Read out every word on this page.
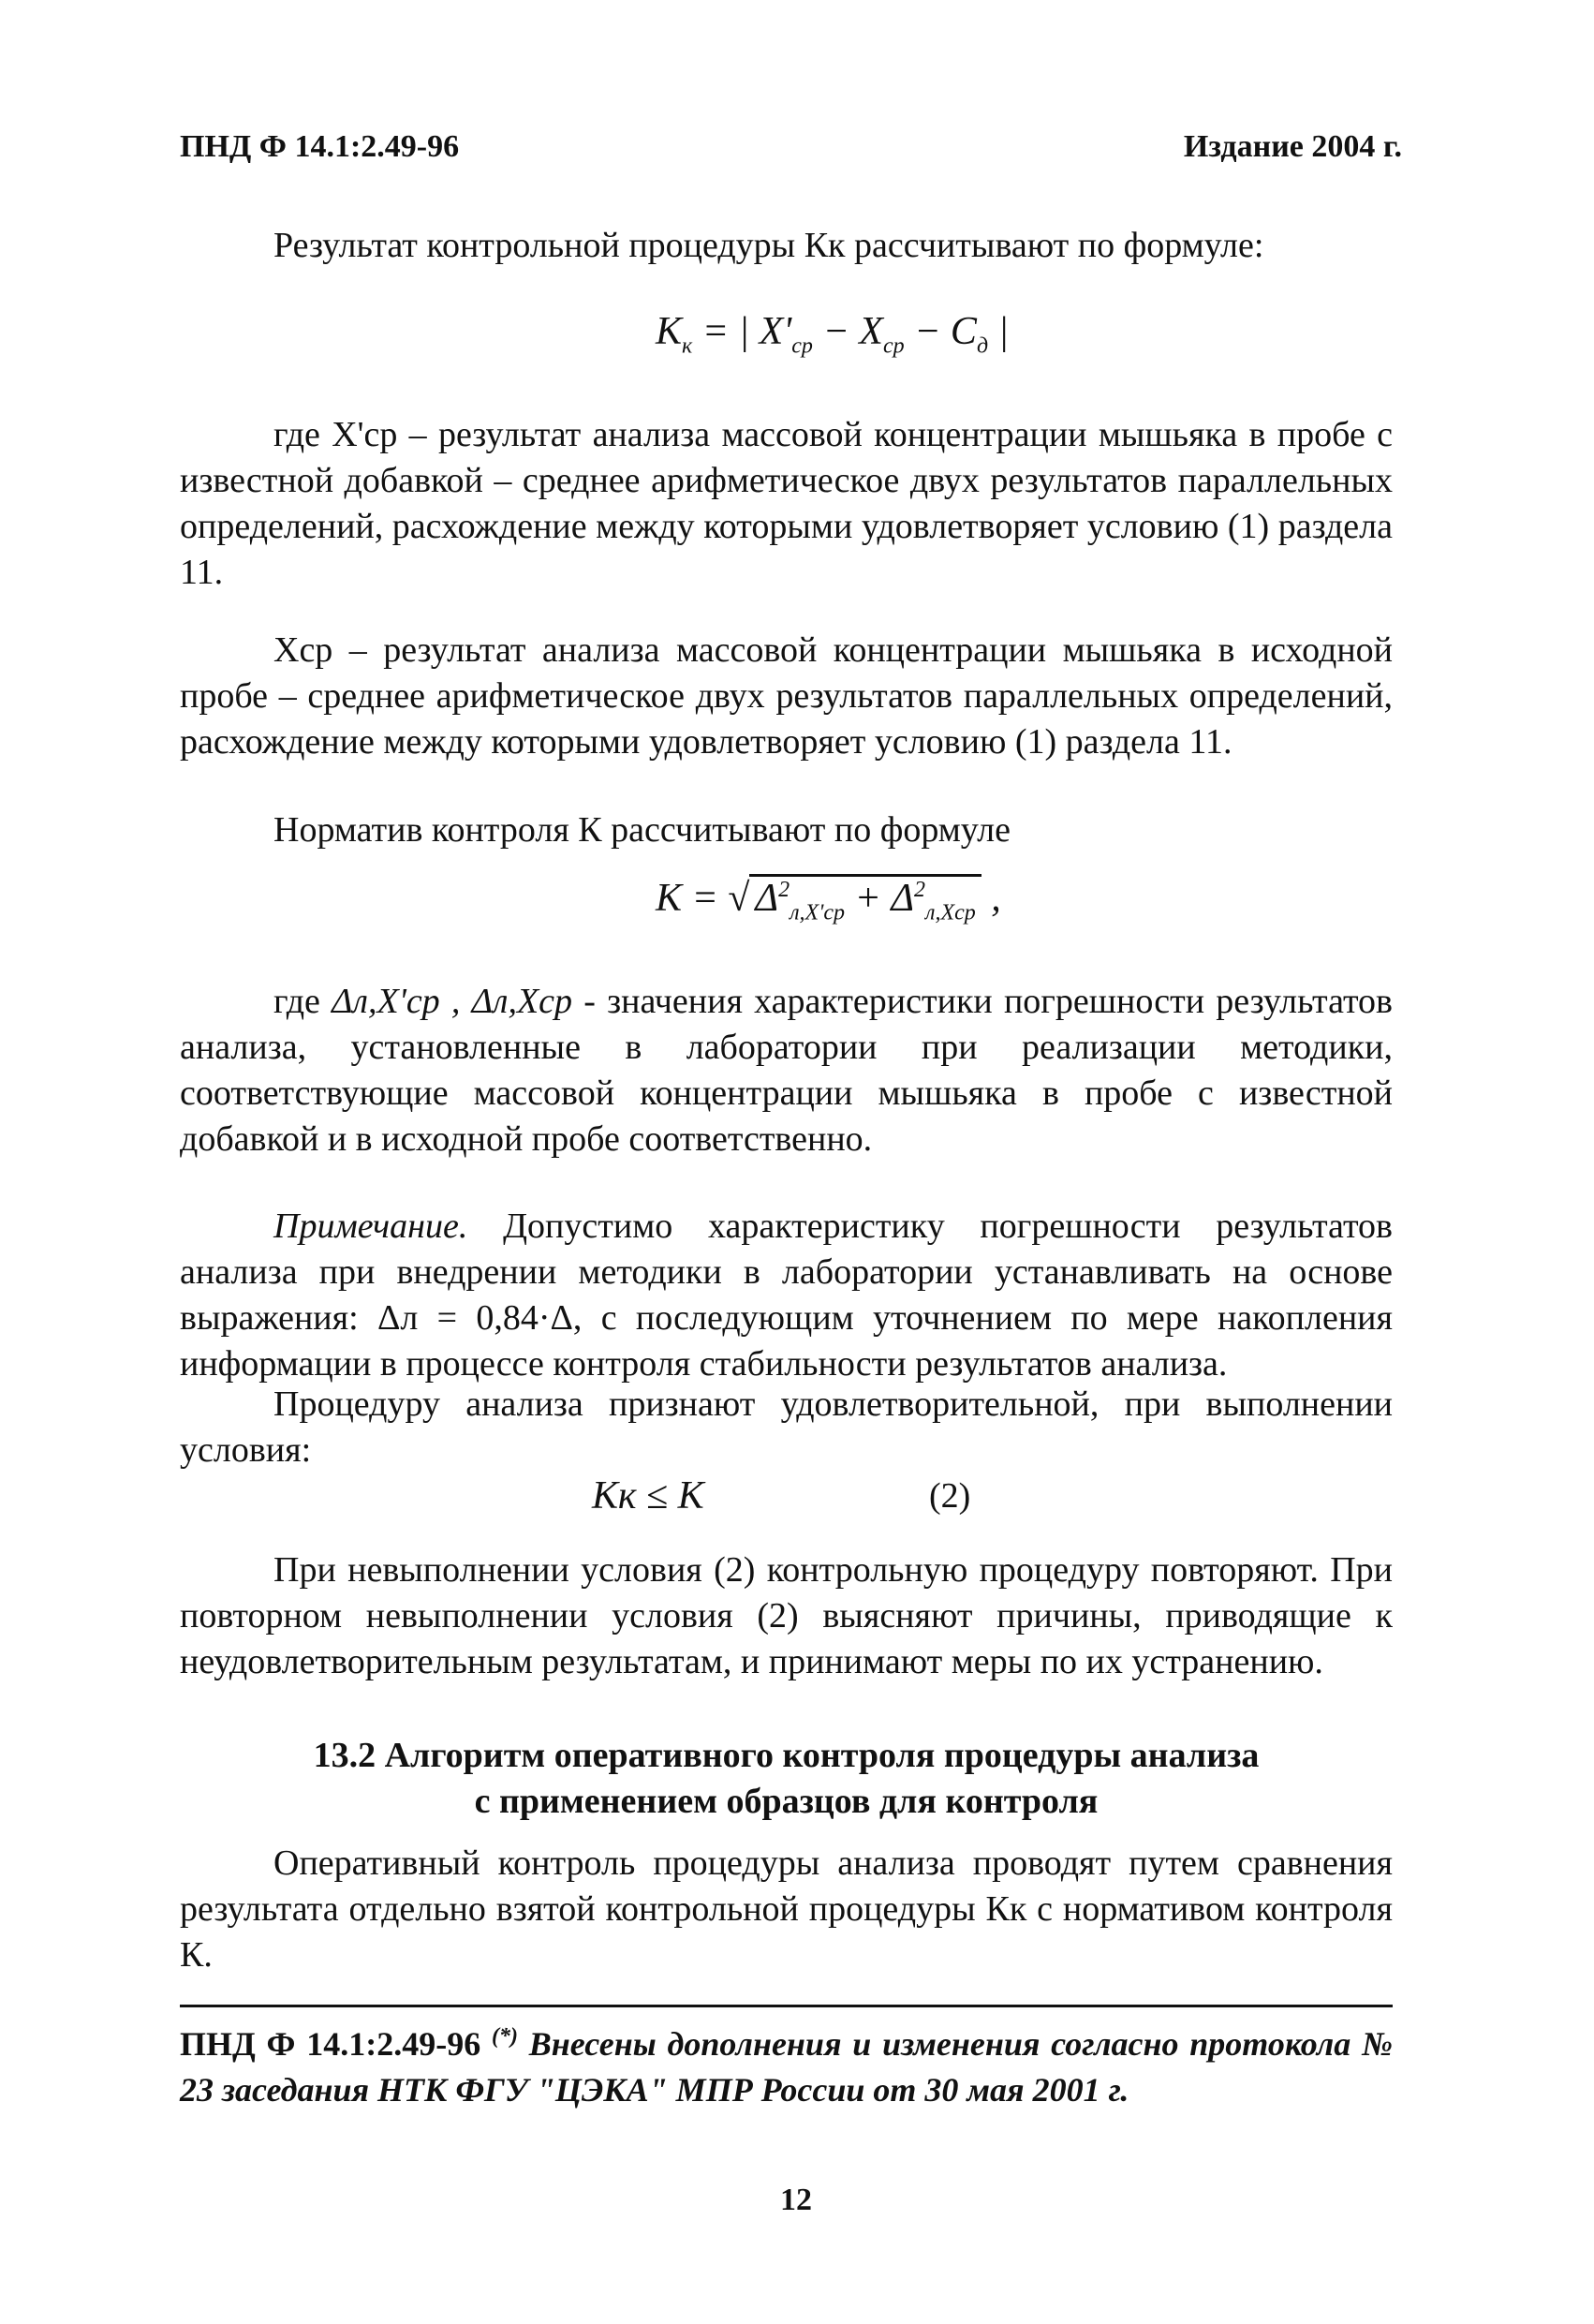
ПНД Ф 14.1:2.49-96	Издание 2004 г.
Результат контрольной процедуры Кк рассчитывают по формуле:
$K_к$ = | $X'_{ср} - X_{ср} - C_д$ |
где X'ср – результат анализа массовой концентрации мышьяка в пробе с известной добавкой – среднее арифметическое двух результатов параллельных определений, расхождение между которыми удовлетворяет условию (1) раздела 11.
Xср – результат анализа массовой концентрации мышьяка в исходной пробе – среднее арифметическое двух результатов параллельных определений, расхождение между которыми удовлетворяет условию (1) раздела 11.
Норматив контроля К рассчитывают по формуле
K = √ $\Delta^2_{л,X'ср} + \Delta^2_{л,Xср}$ ,
где Δл,X'ср , Δл,Xср - значения характеристики погрешности результатов анализа, установленные в лаборатории при реализации методики, соответствующие массовой концентрации мышьяка в пробе с известной добавкой и в исходной пробе соответственно.
Примечание. Допустимо характеристику погрешности результатов анализа при внедрении методики в лаборатории устанавливать на основе выражения: Δл = 0,84·Δ, с последующим уточнением по мере накопления информации в процессе контроля стабильности результатов анализа.
Процедуру анализа признают удовлетворительной, при выполнении условия:
Кк ≤ К	(2)
При невыполнении условия (2) контрольную процедуру повторяют. При повторном невыполнении условия (2) выясняют причины, приводящие к неудовлетворительным результатам, и принимают меры по их устранению.
13.2 Алгоритм оперативного контроля процедуры анализа
с применением образцов для контроля
Оперативный контроль процедуры анализа проводят путем сравнения результата отдельно взятой контрольной процедуры Кк с нормативом контроля К.
ПНД Ф 14.1:2.49-96 (*) Внесены дополнения и изменения согласно протокола № 23 заседания НТК ФГУ "ЦЭКА" МПР России от 30 мая 2001 г.
12
